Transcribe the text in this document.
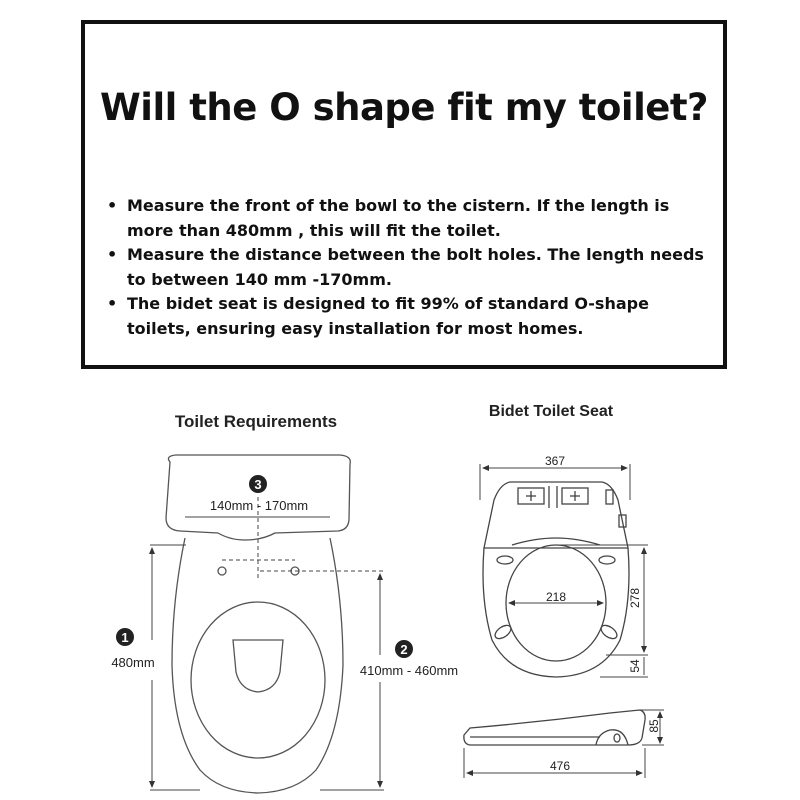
Will the O shape fit my toilet?
• Measure the front of the bowl to the cistern. If the length is more than 480mm , this will fit the toilet.
• Measure the distance between the bolt holes. The length needs to between 140 mm -170mm.
• The bidet seat is designed to fit 99% of standard O-shape toilets, ensuring easy installation for most homes.
Toilet Requirements
3
140mm - 170mm
1
480mm
2
410mm - 460mm
Bidet Toilet Seat
367
218	278
54
85
476
